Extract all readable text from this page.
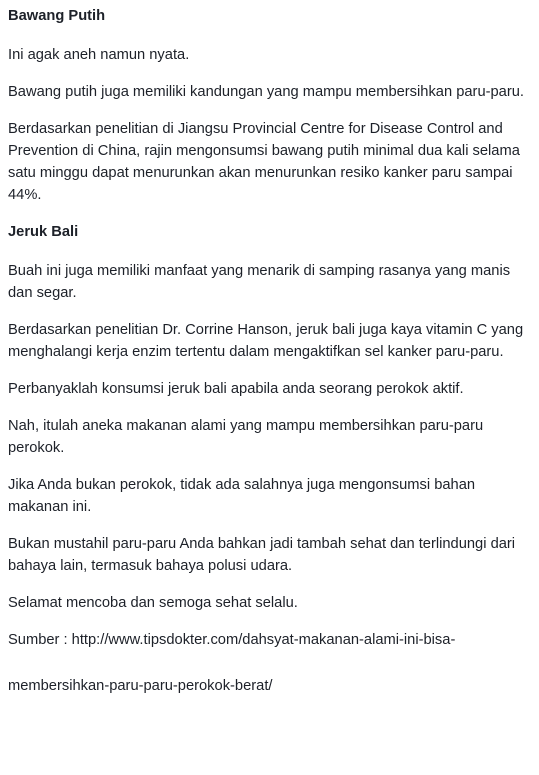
Bawang Putih

Ini agak aneh namun nyata.

Bawang putih juga memiliki kandungan yang mampu membersihkan paru-paru.

Berdasarkan penelitian di Jiangsu Provincial Centre for Disease Control and Prevention di China, rajin mengonsumsi bawang putih minimal dua kali selama satu minggu dapat menurunkan akan menurunkan resiko kanker paru sampai 44%.

Jeruk Bali

Buah ini juga memiliki manfaat yang menarik di samping rasanya yang manis dan segar.

Berdasarkan penelitian Dr. Corrine Hanson, jeruk bali juga kaya vitamin C yang menghalangi kerja enzim tertentu dalam mengaktifkan sel kanker paru-paru.

Perbanyaklah konsumsi jeruk bali apabila anda seorang perokok aktif.

Nah, itulah aneka makanan alami yang mampu membersihkan paru-paru perokok.

Jika Anda bukan perokok, tidak ada salahnya juga mengonsumsi bahan makanan ini.

Bukan mustahil paru-paru Anda bahkan jadi tambah sehat dan terlindungi dari bahaya lain, termasuk bahaya polusi udara.

Selamat mencoba dan semoga sehat selalu.

Sumber : http://www.tipsdokter.com/dahsyat-makanan-alami-ini-bisa-

membersihkan-paru-paru-perokok-berat/
